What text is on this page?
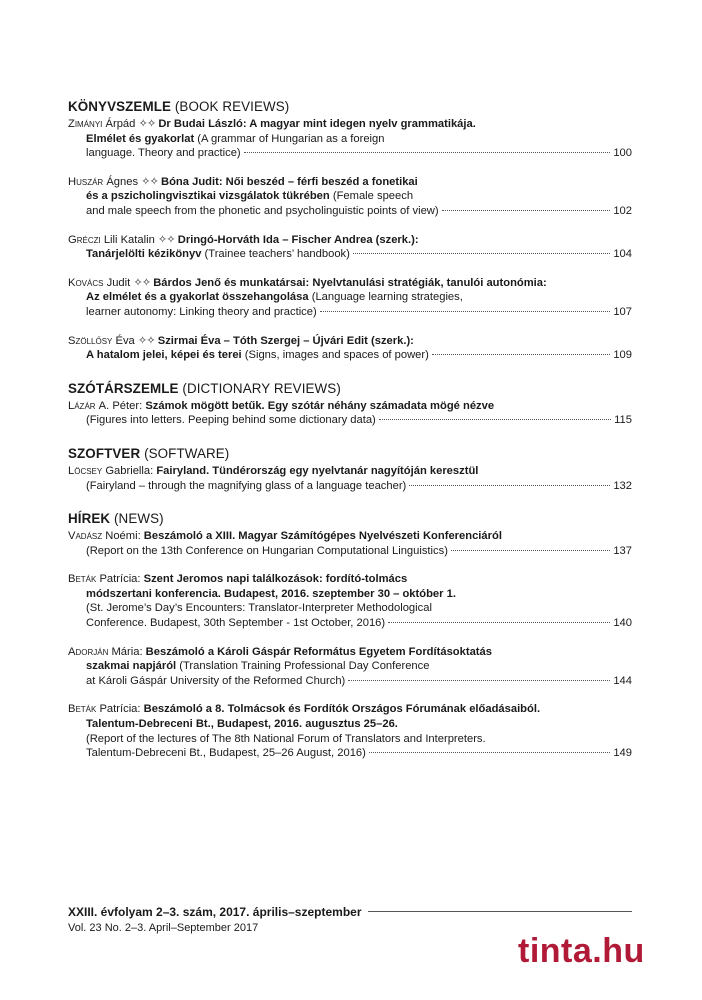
KÖNYVSZEMLE (BOOK REVIEWS)
Zimányi Árpád ✧✧ Dr Budai László: A magyar mint idegen nyelv grammatikája.
Elmélet és gyakorlat (A grammar of Hungarian as a foreign
language. Theory and practice)	100
Huszár Ágnes ✧✧ Bóna Judit: Női beszéd – férfi beszéd a fonetikai
és a pszicholingvisztikai vizsgálatok tükrében (Female speech
and male speech from the phonetic and psycholinguistic points of view)	102
Gréczi Lili Katalin ✧✧ Dringó-Horváth Ida – Fischer Andrea (szerk.):
Tanárjelölti kézikönyv (Trainee teachers’ handbook)	104
Kovács Judit ✧✧ Bárdos Jenő és munkatársai: Nyelvtanulási stratégiák, tanulói autonómia:
Az elmélet és a gyakorlat összehangolása (Language learning strategies,
learner autonomy: Linking theory and practice)	107
Szöllősy Éva ✧✧ Szirmai Éva – Tóth Szergej – Újvári Edit (szerk.):
A hatalom jelei, képei és terei (Signs, images and spaces of power)	109
SZÓTÁRSZEMLE (DICTIONARY REVIEWS)
Lázár A. Péter: Számok mögött betűk. Egy szótár néhány számadata mögé nézve
(Figures into letters. Peeping behind some dictionary data)	115
SZOFTVER (SOFTWARE)
Löcsey Gabriella: Fairyland. Tündérország egy nyelvtanár nagyítóján keresztül
(Fairyland – through the magnifying glass of a language teacher)	132
HÍREK (NEWS)
Vadász Noémi: Beszámoló a XIII. Magyar Számítógépes Nyelvészeti Konferenciáról
(Report on the 13th Conference on Hungarian Computational Linguistics)	137
Beták Patrícia: Szent Jeromos napi találkozások: fordító-tolmács
módszertani konferencia. Budapest, 2016. szeptember 30 – október 1.
(St. Jerome’s Day’s Encounters: Translator-Interpreter Methodological
Conference. Budapest, 30th September - 1st October, 2016)	140
Adorján Mária: Beszámoló a Károli Gáspár Református Egyetem Fordításoktatás
szakmai napjáról (Translation Training Professional Day Conference
at Károli Gáspár University of the Reformed Church)	144
Beták Patrícia: Beszámoló a 8. Tolmácsok és Fordítók Országos Fórumának előadásaiból.
Talentum-Debreceni Bt., Budapest, 2016. augusztus 25–26.
(Report of the lectures of The 8th National Forum of Translators and Interpreters.
Talentum-Debreceni Bt., Budapest, 25–26 August, 2016)	149
XXIII. évfolyam 2–3. szám, 2017. április–szeptember
Vol. 23 No. 2–3. April–September 2017
tinta.hu
